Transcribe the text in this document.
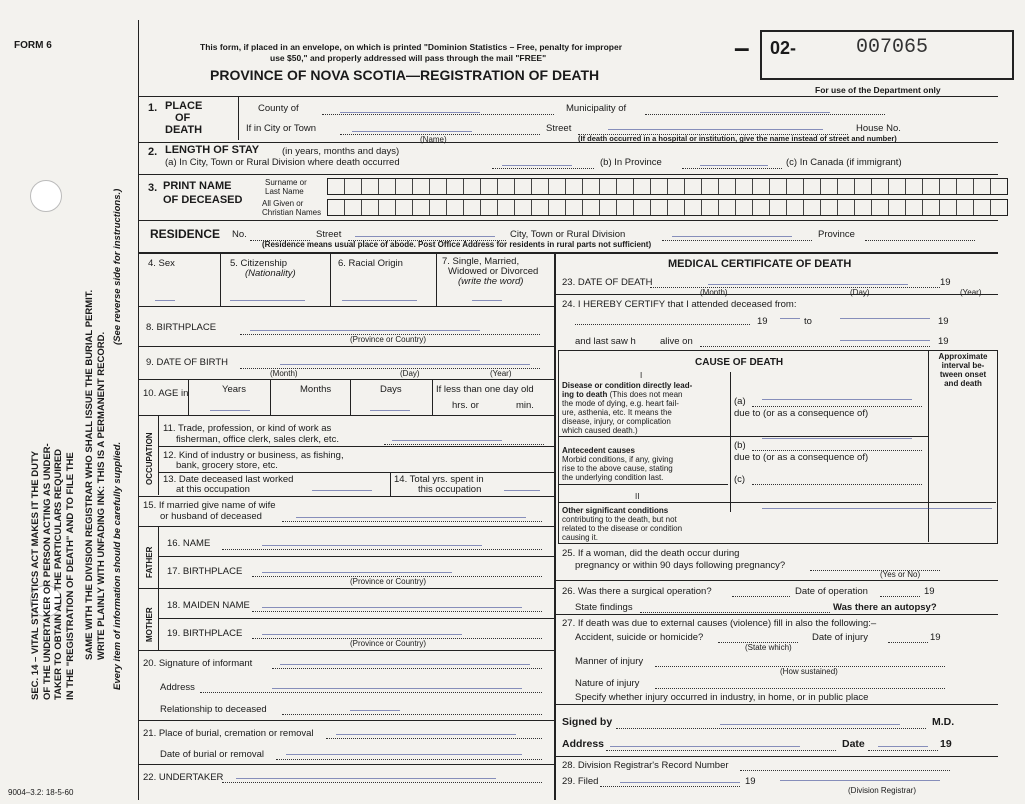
FORM 6
SEC. 14 – VITAL STATISTICS ACT MAKES IT THE DUTY OF THE UNDERTAKER OR PERSON ACTING AS UNDER- TAKER TO OBTAIN ALL THE PARTICULARS REQUIRED IN THE "REGISTRATION OF DEATH" AND TO FILE THE SAME WITH THE DIVISION REGISTRAR WHO SHALL ISSUE THE BURIAL PERMIT. WRITE PLAINLY WITH UNFADING INK: THIS IS A PERMANENT RECORD.
(See reverse side for instructions.)
Every item of information should be carefully supplied.
This form, if placed in an envelope, on which is printed "Dominion Statistics – Free, penalty for improper
use $50," and properly addressed will pass through the mail "FREE"
PROVINCE OF NOVA SCOTIA—REGISTRATION OF DEATH
– 02-	007065
For use of the Department only
1. PLACE
OF
DEATH
County of	Municipality of
If in City or Town
(Name)
Street	House No.
(If death occurred in a hospital or institution, give the name instead of street and number)
2. LENGTH OF STAY (in years, months and days)
(a) In City, Town or Rural Division where death occurred	(b) In Province	(c) In Canada (if immigrant)
3. PRINT NAME
OF DECEASED
Surname or
Last Name
All Given or
Christian Names
RESIDENCE No.	Street	City, Town or Rural Division	Province
(Residence means usual place of abode. Post Office Address for residents in rural parts not sufficient)
4. Sex	5. Citizenship
(Nationality)
6. Racial Origin	7. Single, Married,
Widowed or Divorced
(write the word)
8. BIRTHPLACE
(Province or Country)
9. DATE OF BIRTH
(Month)	(Day)	(Year)
10. AGE in	Years	Months	Days	If less than one day old
hrs. or	min.
OCCUPATION
11. Trade, profession, or kind of work as
fisherman, office clerk, sales clerk, etc.
12. Kind of industry or business, as fishing,
bank, grocery store, etc.
13. Date deceased last worked
at this occupation
14. Total yrs. spent in
this occupation
15. If married give name of wife
or husband of deceased
FATHER
16. NAME
17. BIRTHPLACE
(Province or Country)
MOTHER
18. MAIDEN NAME
19. BIRTHPLACE
(Province or Country)
20. Signature of informant
Address
Relationship to deceased
21. Place of burial, cremation or removal
Date of burial or removal
22. UNDERTAKER
9004–3.2: 18-5-60
MEDICAL CERTIFICATE OF DEATH
23. DATE OF DEATH
(Month)	(Day)	(Year)
19
24. I HEREBY CERTIFY that I attended deceased from:
19	to	19
and last saw h	alive on	19
CAUSE OF DEATH
Approximate
interval be-
tween onset
and death
I
Disease or condition directly lead-
ing to death (This does not mean
the mode of dying, e.g. heart fail-
ure, asthenia, etc. It means the
disease, injury, or complication
which caused death.)
(a)
due to (or as a consequence of)
(b)
due to (or as a consequence of)
(c)
Antecedent causes
Morbid conditions, if any, giving
rise to the above cause, stating
the underlying condition last.
II
Other significant conditions
contributing to the death, but not
related to the disease or condition
causing it.
25. If a woman, did the death occur during
pregnancy or within 90 days following pregnancy?
(Yes or No)
26. Was there a surgical operation?	Date of operation	19
State findings	Was there an autopsy?
27. If death was due to external causes (violence) fill in also the following:–
Accident, suicide or homicide?
(State which)
Date of injury	19
Manner of injury
(How sustained)
Nature of injury
Specify whether injury occurred in industry, in home, or in public place
Signed by	M.D.
Address	Date	19
28. Division Registrar's Record Number
29. Filed	19
(Division Registrar)
